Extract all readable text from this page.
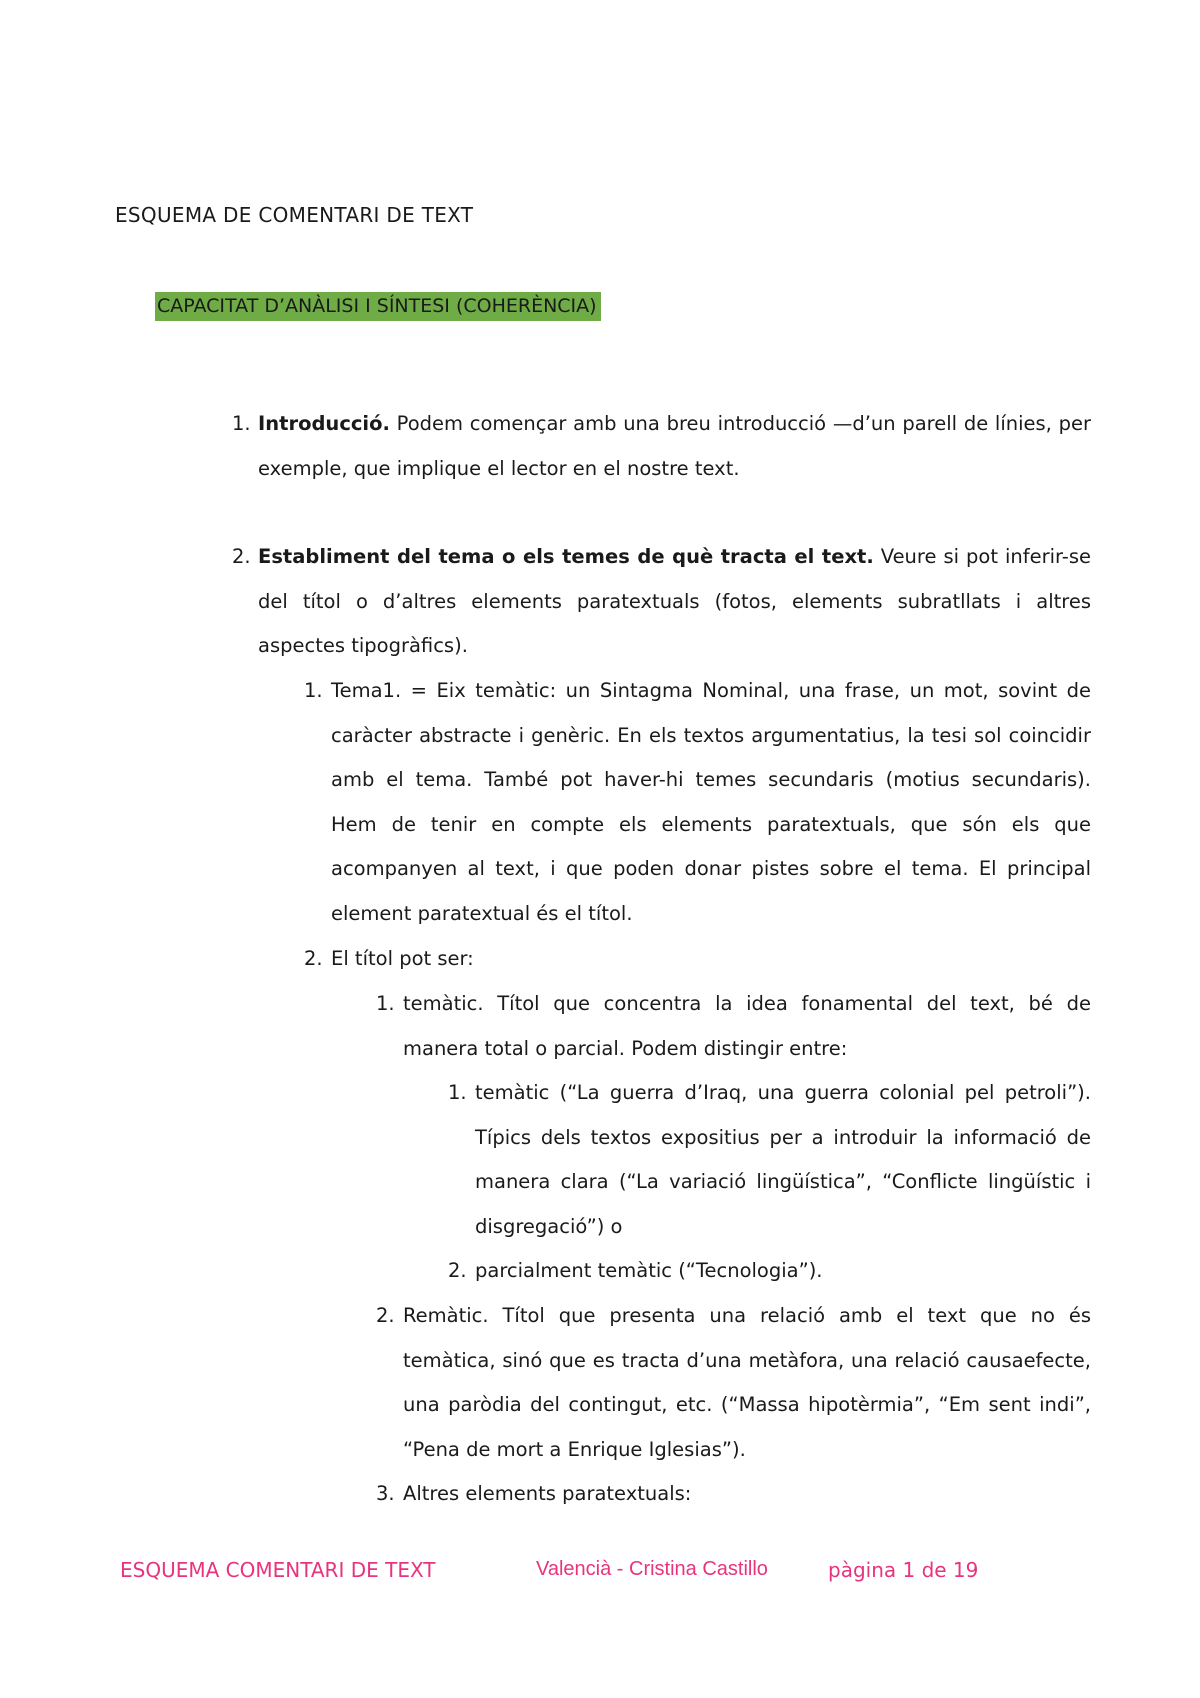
ESQUEMA DE COMENTARI DE TEXT
CAPACITAT D’ANÀLISI I SÍNTESI (COHERÈNCIA)
1. Introducció. Podem començar amb una breu introducció —d’un parell de línies, per exemple, que implique el lector en el nostre text.

2. Establiment del tema o els temes de què tracta el text. Veure si pot inferir-se del títol o d’altres elements paratextuals (fotos, elements subratllats i altres aspectes tipogràfics).

1. Tema1. = Eix temàtic: un Sintagma Nominal, una frase, un mot, sovint de caràcter abstracte i genèric. En els textos argumentatius, la tesi sol coincidir amb el tema. També pot haver-hi temes secundaris (motius secundaris). Hem de tenir en compte els elements paratextuals, que són els que acompanyen al text, i que poden donar pistes sobre el tema. El principal element paratextual és el títol.

2. El títol pot ser:

1. temàtic. Títol que concentra la idea fonamental del text, bé de manera total o parcial. Podem distingir entre:

1. temàtic (“La guerra d’Iraq, una guerra colonial pel petroli”). Típics dels textos expositius per a introduir la informació de manera clara (“La variació lingüística”, “Conflicte lingüístic i disgregació”) o

2. parcialment temàtic (“Tecnologia”).

2. Remàtic. Títol que presenta una relació amb el text que no és temàtica, sinó que es tracta d’una metàfora, una relació causaefecte, una paròdia del contingut, etc. (“Massa hipotèrmia”, “Em sent indi”, “Pena de mort a Enrique Iglesias”).

3. Altres elements paratextuals:

ESQUEMA COMENTARI DE TEXT	Valencià - Cristina Castillo	pàgina 1 de 19
